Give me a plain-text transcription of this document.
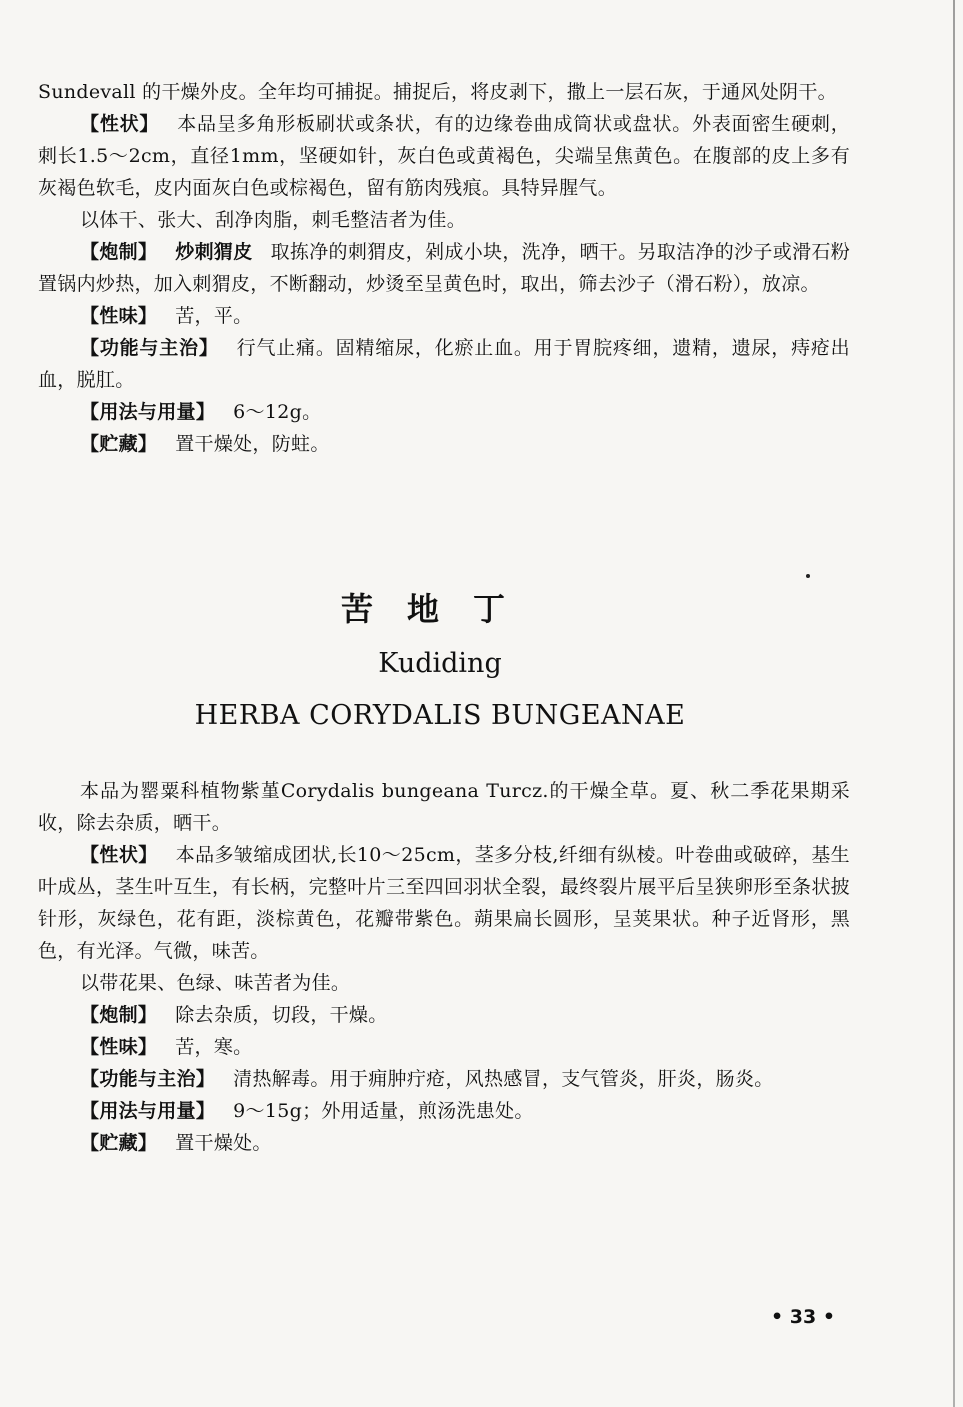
Sundevall 的干燥外皮。全年均可捕捉。捕捉后，将皮剥下，撒上一层石灰，于通风处阴干。

【 性状 】 本品呈多角形板刷状或条状，有的边缘卷曲成筒状或盘状。外表面密生硬刺，刺长1.5～2cm，直径1mm，坚硬如针，灰白色或黄褐色，尖端呈焦黄色。在腹部的皮上多有灰褐色软毛，皮内面灰白色或棕褐色，留有筋肉残痕。具特异腥气。

以体干、张大、刮净肉脂，刺毛整洁者为佳。

【 炮制 】 炒刺猬皮 取拣净的刺猬皮，剁成小块，洗净，晒干。另取洁净的沙子或滑石粉置锅内炒热，加入刺猬皮，不断翻动，炒烫至呈黄色时，取出，筛去沙子（滑石粉），放凉。

【 性味 】 苦，平。

【 功能与主治 】 行气止痛。固精缩尿，化瘀止血。用于胃脘疼细，遗精，遗尿，痔疮出血，脱肛。

【 用法与用量 】 6～12g。

【 贮藏 】 置干燥处，防蛀。

苦地丁
Kudiding
HERBA CORYDALIS BUNGEANAE

本品为罂粟科植物紫堇Corydalis bungeana Turcz.的干燥全草。夏、秋二季花果期采收，除去杂质，晒干。

【 性状 】 本品多皱缩成团状,长10～25cm，茎多分枝,纤细有纵棱。叶卷曲或破碎，基生叶成丛，茎生叶互生，有长柄，完整叶片三至四回羽状全裂，最终裂片展平后呈狭卵形至条状披针形，灰绿色，花有距，淡棕黄色，花瓣带紫色。蒴果扁长圆形，呈荚果状。种子近肾形，黑色，有光泽。气微，味苦。

以带花果、色绿、味苦者为佳。

【 炮制 】 除去杂质，切段，干燥。

【 性味 】 苦，寒。

【 功能与主治 】 清热解毒。用于痈肿疔疮，风热感冒，支气管炎，肝炎，肠炎。

【 用法与用量 】 9～15g；外用适量，煎汤洗患处。

【 贮藏 】 置干燥处。

• 33 •
